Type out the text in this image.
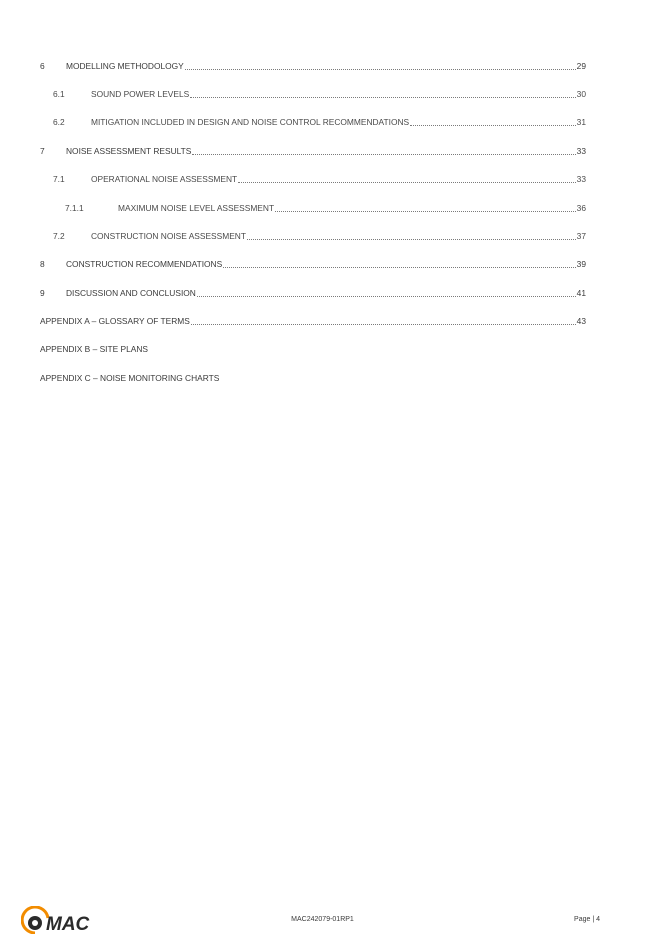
6	MODELLING METHODOLOGY	29
6.1	SOUND POWER LEVELS	30
6.2	MITIGATION INCLUDED IN DESIGN AND NOISE CONTROL RECOMMENDATIONS	31
7	NOISE ASSESSMENT RESULTS	33
7.1	OPERATIONAL NOISE ASSESSMENT	33
7.1.1	MAXIMUM NOISE LEVEL ASSESSMENT	36
7.2	CONSTRUCTION NOISE ASSESSMENT	37
8	CONSTRUCTION RECOMMENDATIONS	39
9	DISCUSSION AND CONCLUSION	41
APPENDIX A – GLOSSARY OF TERMS	43
APPENDIX B – SITE PLANS
APPENDIX C – NOISE MONITORING CHARTS
MAC	MAC242079-01RP1	Page | 4
